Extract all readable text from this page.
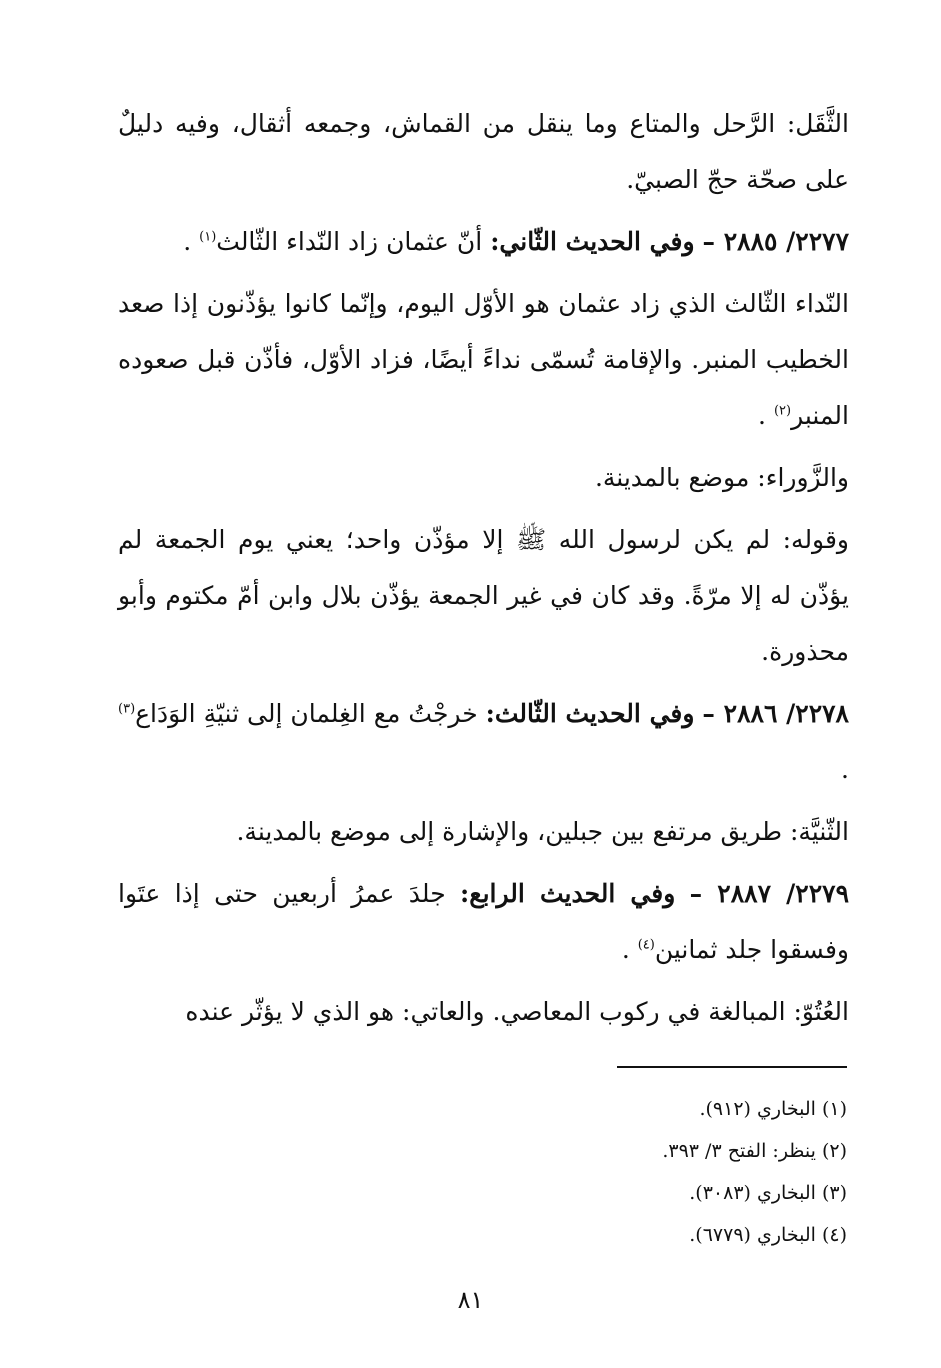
الثَّقَل: الرَّحل والمتاع وما ينقل من القماش، وجمعه أثقال، وفيه دليلٌ على صحّة حجّ الصبيّ.

٢٢٧٧/ ٢٨٨٥ – وفي الحديث الثّاني: أنّ عثمان زاد النّداء الثّالث$^{(١)}$ .

النّداء الثّالث الذي زاد عثمان هو الأوّل اليوم، وإنّما كانوا يؤذّنون إذا صعد الخطيب المنبر. والإقامة تُسمّى نداءً أيضًا، فزاد الأوّل، فأذّن قبل صعوده المنبر$^{(٢)}$ .

والزَّوراء: موضع بالمدينة.

وقوله: لم يكن لرسول الله ﷺ إلا مؤذّن واحد؛ يعني يوم الجمعة لم يؤذّن له إلا مرّةً. وقد كان في غير الجمعة يؤذّن بلال وابن أمّ مكتوم وأبو محذورة.

٢٢٧٨/ ٢٨٨٦ – وفي الحديث الثّالث: خرجْتُ مع الغِلمان إلى ثنيّةِ الوَدَاع$^{(٣)}$ .

الثّنيَّة: طريق مرتفع بين جبلين، والإشارة إلى موضع بالمدينة.

٢٢٧٩/ ٢٨٨٧ – وفي الحديث الرابع: جلدَ عمرُ أربعين حتى إذا عتَوا وفسقوا جلد ثمانين$^{(٤)}$ .

العُتُوّ: المبالغة في ركوب المعاصي. والعاتي: هو الذي لا يؤثّر عنده

(١) البخاري (٩١٢).

(٢) ينظر: الفتح ٣/ ٣٩٣.

(٣) البخاري (٣٠٨٣).

(٤) البخاري (٦٧٧٩).

٨١
